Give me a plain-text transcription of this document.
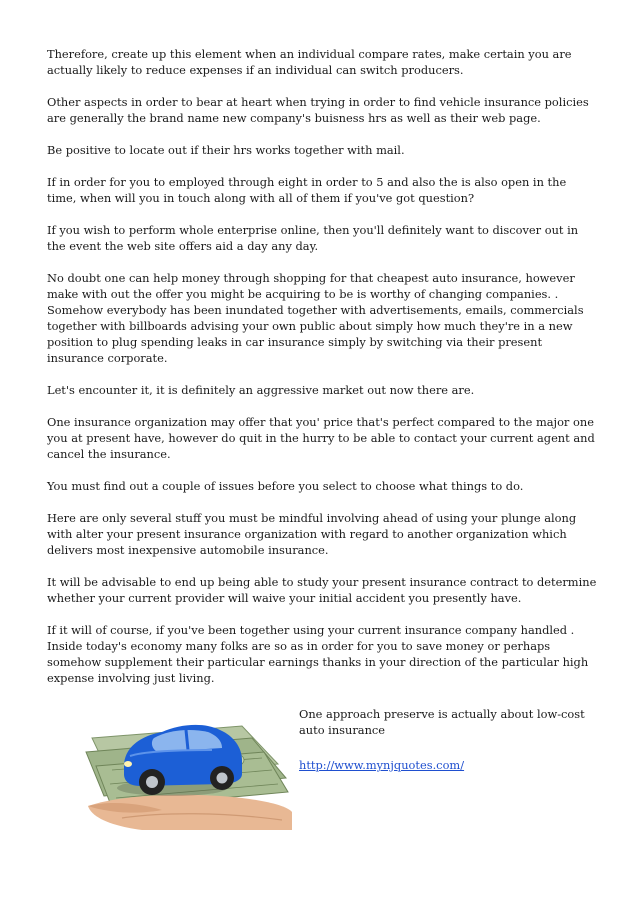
Therefore, create up this element when an individual compare rates, make certain you are actually likely to reduce expenses if an individual can switch producers.

Other aspects in order to bear at heart when trying in order to find vehicle insurance policies are generally the brand name new company's buisness hrs as well as their web page.

Be positive to locate out if their hrs works together with mail.

If in order for you to employed through eight in order to 5 and also the is also open in the time, when will you in touch along with all of them if you've got question?

If you wish to perform whole enterprise online, then you'll definitely want to discover out in the event the web site offers aid a day any day.

No doubt one can help money through shopping for that cheapest auto insurance, however make with out the offer you might be acquiring to be is worthy of changing companies. . Somehow everybody has been inundated together with advertisements, emails, commercials together with billboards advising your own public about simply how much they're in a new position to plug spending leaks in car insurance simply by switching via their present insurance corporate.

Let's encounter it, it is definitely an aggressive market out now there are.

One insurance organization may offer that you' price that's perfect compared to the major one you at present have, however do quit in the hurry to be able to contact your current agent and cancel the insurance.

You must find out a couple of issues before you select to choose what things to do.

Here are only several stuff you must be mindful involving ahead of using your plunge along with alter your present insurance organization with regard to another organization which delivers most inexpensive automobile insurance.

It will be advisable to end up being able to study your present insurance contract to determine whether your current provider will waive your initial accident you presently have.

If it will of course, if you've been together using your current insurance company handled . Inside today's economy many folks are so as in order for you to save money or perhaps somehow supplement their particular earnings thanks in your direction of the particular high expense involving just living.

One approach preserve is actually about low-cost auto insurance

http://www.mynjquotes.com/
